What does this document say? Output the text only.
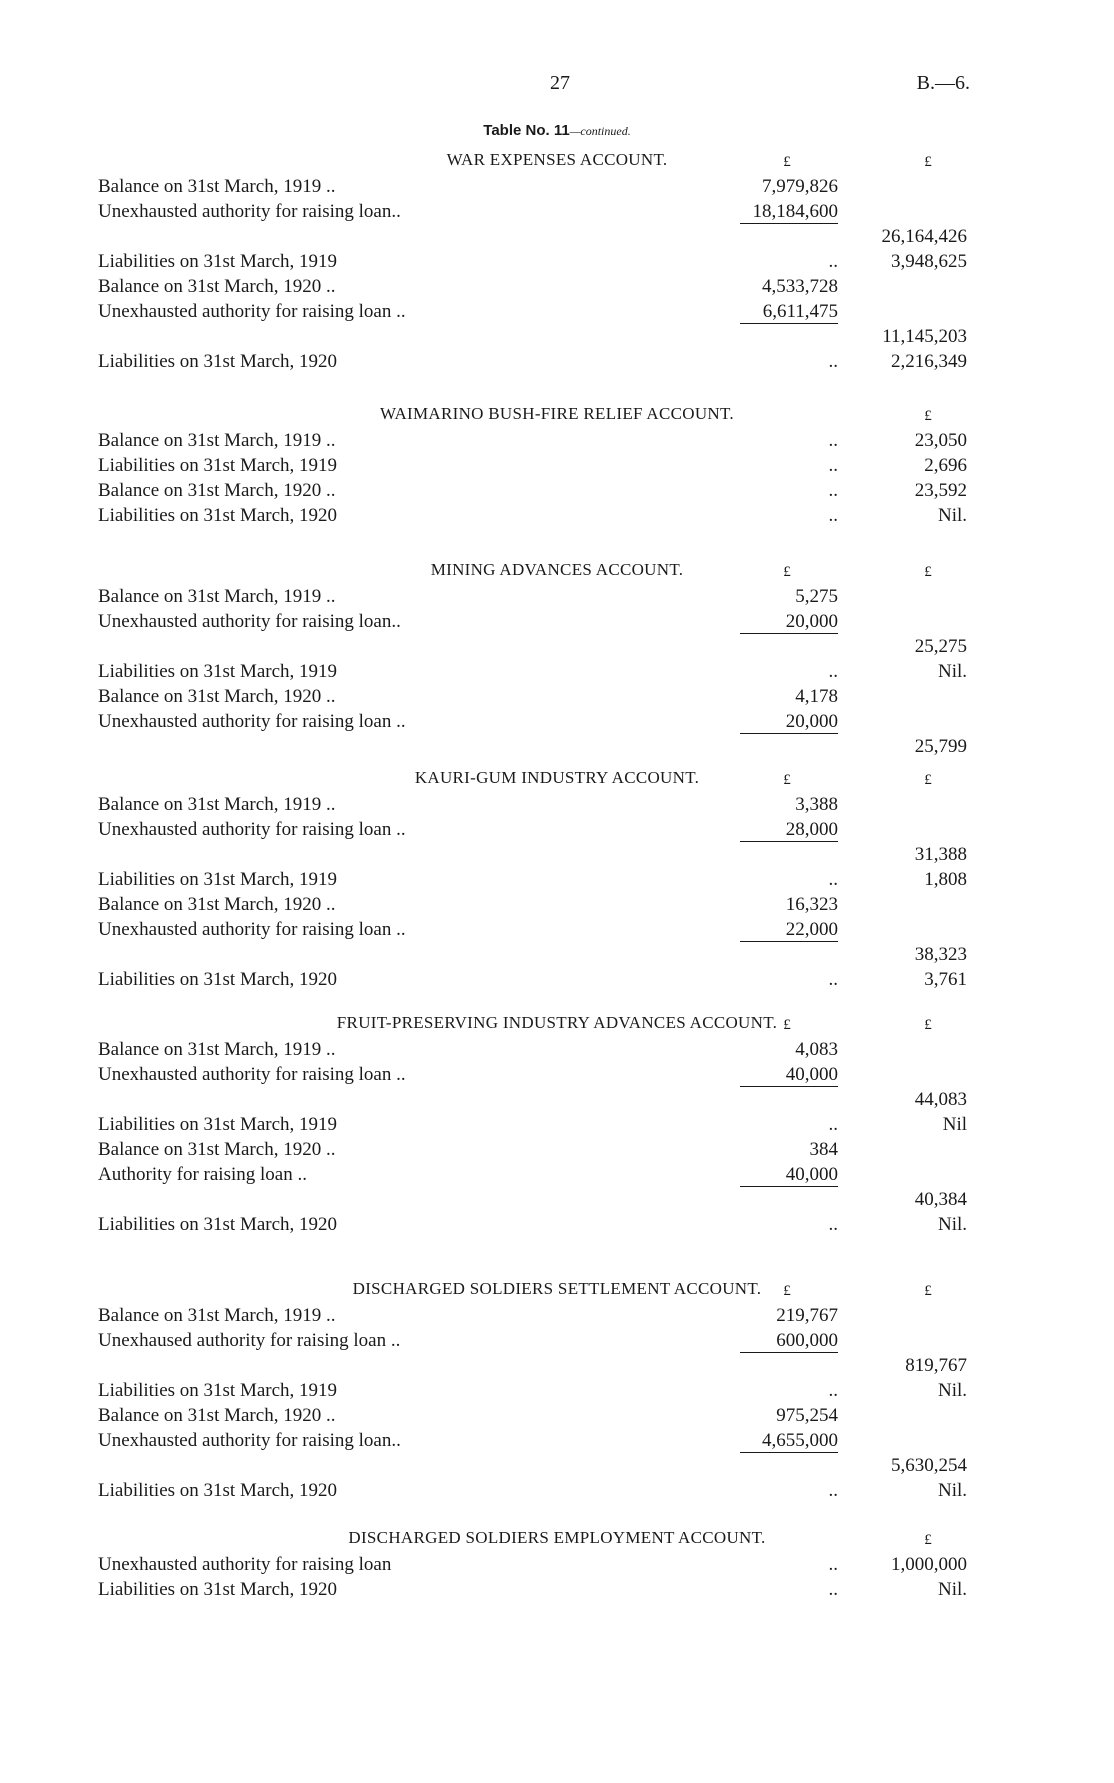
27	B.—6.
Table No. 11—continued.
WAR EXPENSES ACCOUNT.	£	£
Balance on 31st March, 1919 ..	7,979,826
Unexhausted authority for raising loan..	18,184,600
26,164,426
Liabilities on 31st March, 1919	..	3,948,625
Balance on 31st March, 1920 ..	4,533,728
Unexhausted authority for raising loan ..	6,611,475
11,145,203
Liabilities on 31st March, 1920	..	2,216,349
WAIMARINO BUSH-FIRE RELIEF ACCOUNT.	£
Balance on 31st March, 1919 ..	..	23,050
Liabilities on 31st March, 1919	..	2,696
Balance on 31st March, 1920 ..	..	23,592
Liabilities on 31st March, 1920	..	Nil.
MINING ADVANCES ACCOUNT.	£	£
Balance on 31st March, 1919 ..	5,275
Unexhausted authority for raising loan..	20,000
25,275
Liabilities on 31st March, 1919	..	Nil.
Balance on 31st March, 1920 ..	4,178
Unexhausted authority for raising loan ..	20,000
25,799
KAURI-GUM INDUSTRY ACCOUNT.	£	£
Balance on 31st March, 1919 ..	3,388
Unexhausted authority for raising loan ..	28,000
31,388
Liabilities on 31st March, 1919	..	1,808
Balance on 31st March, 1920 ..	16,323
Unexhausted authority for raising loan ..	22,000
38,323
Liabilities on 31st March, 1920	..	3,761
FRUIT-PRESERVING INDUSTRY ADVANCES ACCOUNT. £	£
Balance on 31st March, 1919 ..	4,083
Unexhausted authority for raising loan ..	40,000
44,083
Liabilities on 31st March, 1919	..	Nil
Balance on 31st March, 1920 ..	384
Authority for raising loan ..	40,000
40,384
Liabilities on 31st March, 1920	..	Nil.
DISCHARGED SOLDIERS SETTLEMENT ACCOUNT.	£	£
Balance on 31st March, 1919 ..	219,767
Unexhaused authority for raising loan ..	600,000
819,767
Liabilities on 31st March, 1919	..	Nil.
Balance on 31st March, 1920 ..	975,254
Unexhausted authority for raising loan..	4,655,000
5,630,254
Liabilities on 31st March, 1920	..	Nil.
DISCHARGED SOLDIERS EMPLOYMENT ACCOUNT.	£
Unexhausted authority for raising loan	..	1,000,000
Liabilities on 31st March, 1920	..	Nil.
